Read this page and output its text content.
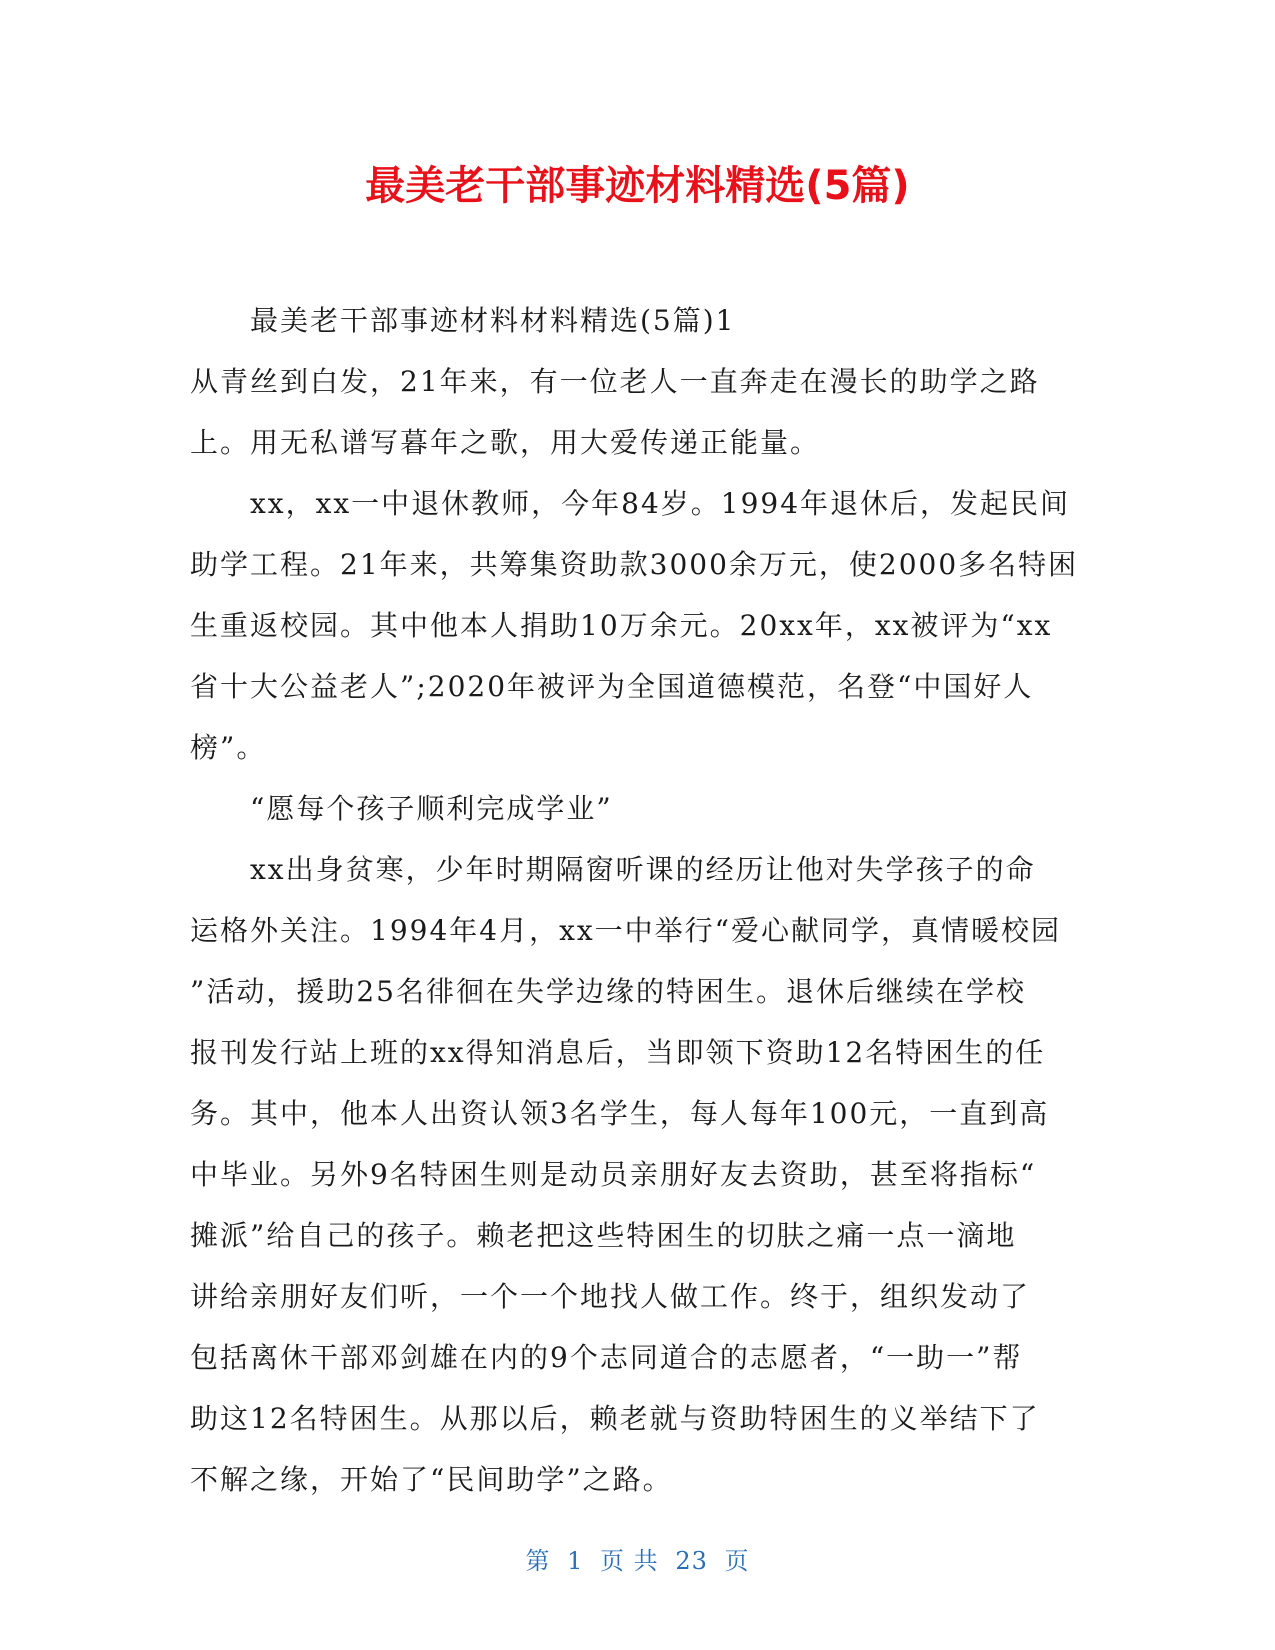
最美老干部事迹材料精选(5篇)
最美老干部事迹材料材料精选(5篇)1
从青丝到白发，21年来，有一位老人一直奔走在漫长的助学之路
上。用无私谱写暮年之歌，用大爱传递正能量。
xx，xx一中退休教师，今年84岁。1994年退休后，发起民间
助学工程。21年来，共筹集资助款3000余万元，使2000多名特困
生重返校园。其中他本人捐助10万余元。20xx年，xx被评为“xx
省十大公益老人”;2020年被评为全国道德模范，名登“中国好人
榜”。
“愿每个孩子顺利完成学业”
xx出身贫寒，少年时期隔窗听课的经历让他对失学孩子的命
运格外关注。1994年4月，xx一中举行“爱心献同学，真情暖校园
”活动，援助25名徘徊在失学边缘的特困生。退休后继续在学校
报刊发行站上班的xx得知消息后，当即领下资助12名特困生的任
务。其中，他本人出资认领3名学生，每人每年100元，一直到高
中毕业。另外9名特困生则是动员亲朋好友去资助，甚至将指标“
摊派”给自己的孩子。赖老把这些特困生的切肤之痛一点一滴地
讲给亲朋好友们听，一个一个地找人做工作。终于，组织发动了
包括离休干部邓剑雄在内的9个志同道合的志愿者，“一助一”帮
助这12名特困生。从那以后，赖老就与资助特困生的义举结下了
不解之缘，开始了“民间助学”之路。
第 1 页 共 23 页
